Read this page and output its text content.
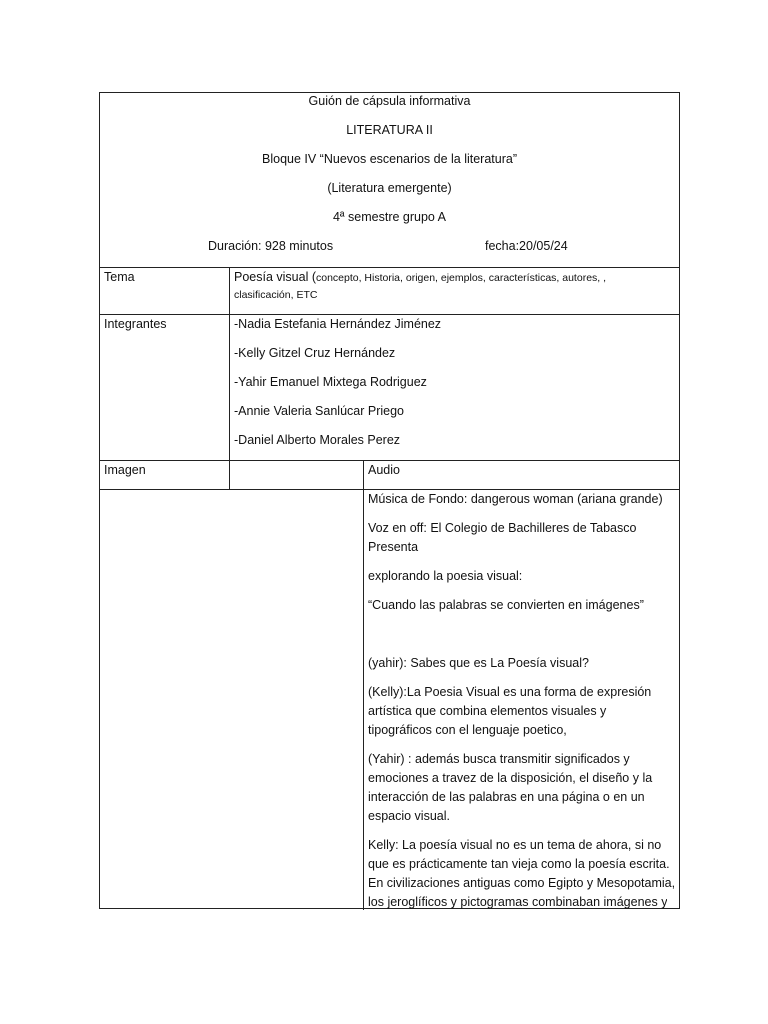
Guión de cápsula informativa
LITERATURA II
Bloque IV “Nuevos escenarios de la literatura”
(Literatura emergente)
4ª semestre grupo A
Duración: 928 minutos	fecha:20/05/24
Tema	Poesía visual (concepto, Historia, origen, ejemplos, características, autores, ,
clasificación, ETC
Integrantes	-Nadia Estefania Hernández Jiménez
-Kelly Gitzel Cruz Hernández
-Yahir Emanuel Mixtega Rodriguez
-Annie Valeria Sanlúcar Priego
-Daniel Alberto Morales Perez
Imagen	Audio
Música de Fondo: dangerous woman (ariana grande)
Voz en off: El Colegio de Bachilleres de Tabasco
Presenta
explorando la poesia visual:
“Cuando las palabras se convierten en imágenes”
(yahir): Sabes que es La Poesía visual?
(Kelly):La Poesia Visual es una forma de expresión
artística que combina elementos visuales y
tipográficos con el lenguaje poetico,
(Yahir) : además busca transmitir significados y
emociones a travez de la disposición, el diseño y la
interacción de las palabras en una página o en un
espacio visual.
Kelly: La poesía visual no es un tema de ahora, si no
que es prácticamente tan vieja como la poesía escrita.
En civilizaciones antiguas como Egipto y Mesopotamia,
los jeroglíficos y pictogramas combinaban imágenes y
